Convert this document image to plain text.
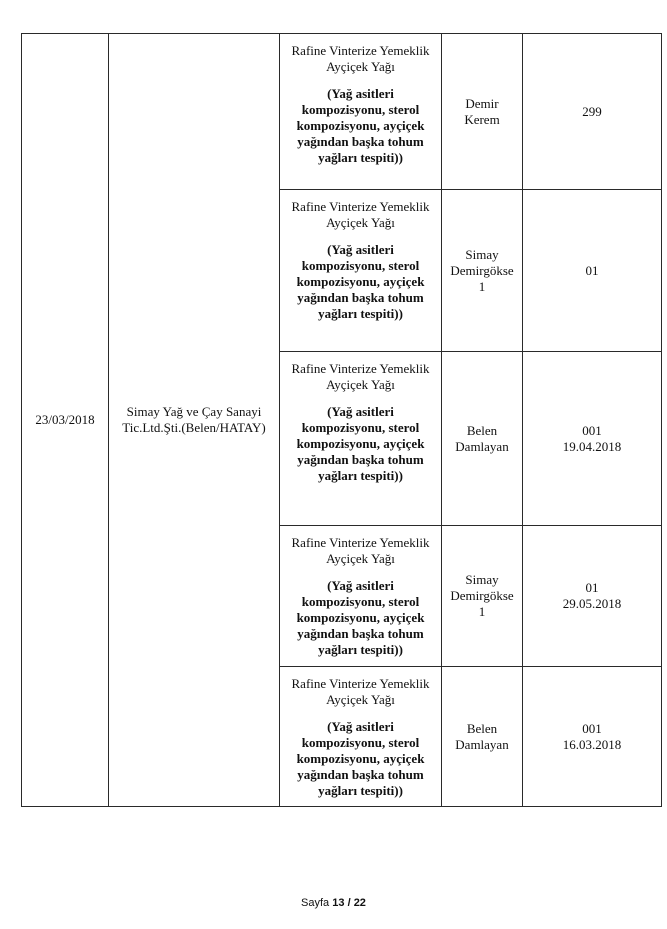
23/03/2018	Simay Yağ ve Çay Sanayi Tic.Ltd.Şti.(Belen/HATAY)	Rafine Vinterize Yemeklik Ayçiçek Yağı
(Yağ asitleri kompozisyonu, sterol kompozisyonu, ayçiçek yağından başka tohum yağları tespiti))	Demir Kerem	299

		Rafine Vinterize Yemeklik Ayçiçek Yağı
(Yağ asitleri kompozisyonu, sterol kompozisyonu, ayçiçek yağından başka tohum yağları tespiti))	Simay Demirgökse 1	01

		Rafine Vinterize Yemeklik Ayçiçek Yağı
(Yağ asitleri kompozisyonu, sterol kompozisyonu, ayçiçek yağından başka tohum yağları tespiti))	Belen Damlayan	001
19.04.2018

		Rafine Vinterize Yemeklik Ayçiçek Yağı
(Yağ asitleri kompozisyonu, sterol kompozisyonu, ayçiçek yağından başka tohum yağları tespiti))	Simay Demirgökse 1	01
29.05.2018

		Rafine Vinterize Yemeklik Ayçiçek Yağı
(Yağ asitleri kompozisyonu, sterol kompozisyonu, ayçiçek yağından başka tohum yağları tespiti))	Belen Damlayan	001
16.03.2018
Sayfa 13 / 22
